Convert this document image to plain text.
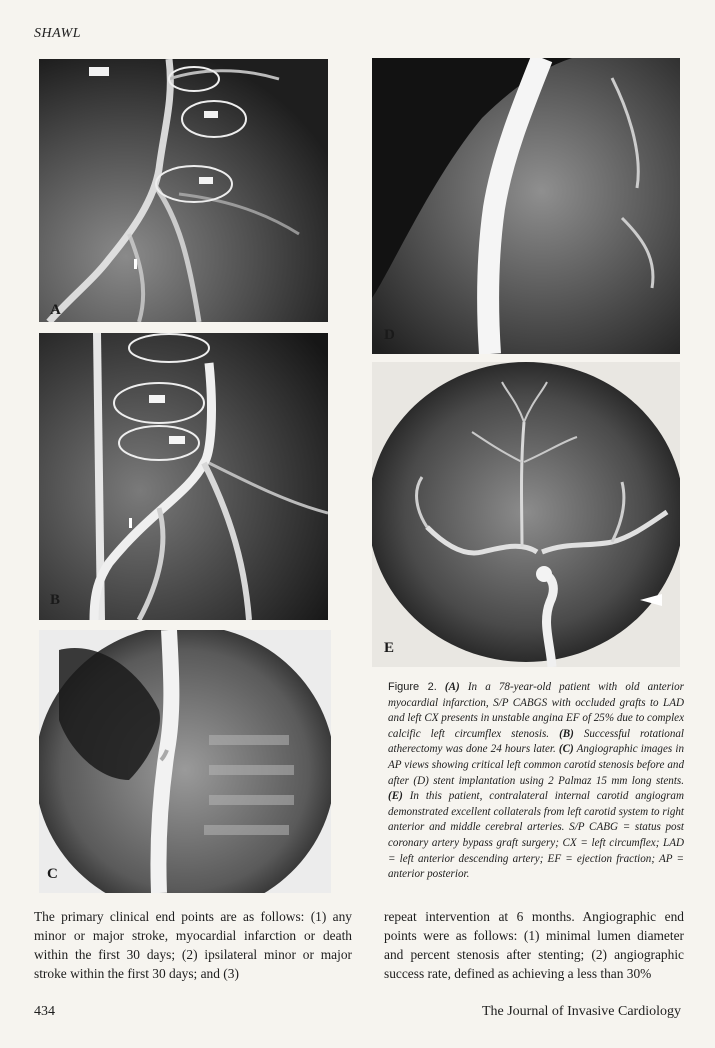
SHAWL
A
B
C
D
E
Figure 2. (A) In a 78-year-old patient with old anterior myocardial infarction, S/P CABGS with occluded grafts to LAD and left CX presents in unstable angina EF of 25% due to complex calcific left circumflex stenosis. (B) Successful rotational atherectomy was done 24 hours later. (C) Angiographic images in AP views showing critical left common carotid stenosis before and after (D) stent implantation using 2 Palmaz 15 mm long stents. (E) In this patient, contralateral internal carotid angiogram demonstrated excellent collaterals from left carotid system to right anterior and middle cerebral arteries. S/P CABG = status post coronary artery bypass graft surgery; CX = left circumflex; LAD = left anterior descending artery; EF = ejection fraction; AP = anterior posterior.
The primary clinical end points are as follows: (1) any minor or major stroke, myocardial infarction or death within the first 30 days; (2) ipsilateral minor or major stroke within the first 30 days; and (3)
repeat intervention at 6 months. Angiographic end points were as follows: (1) minimal lumen diameter and percent stenosis after stenting; (2) angiographic success rate, defined as achieving a less than 30%
434	The Journal of Invasive Cardiology
